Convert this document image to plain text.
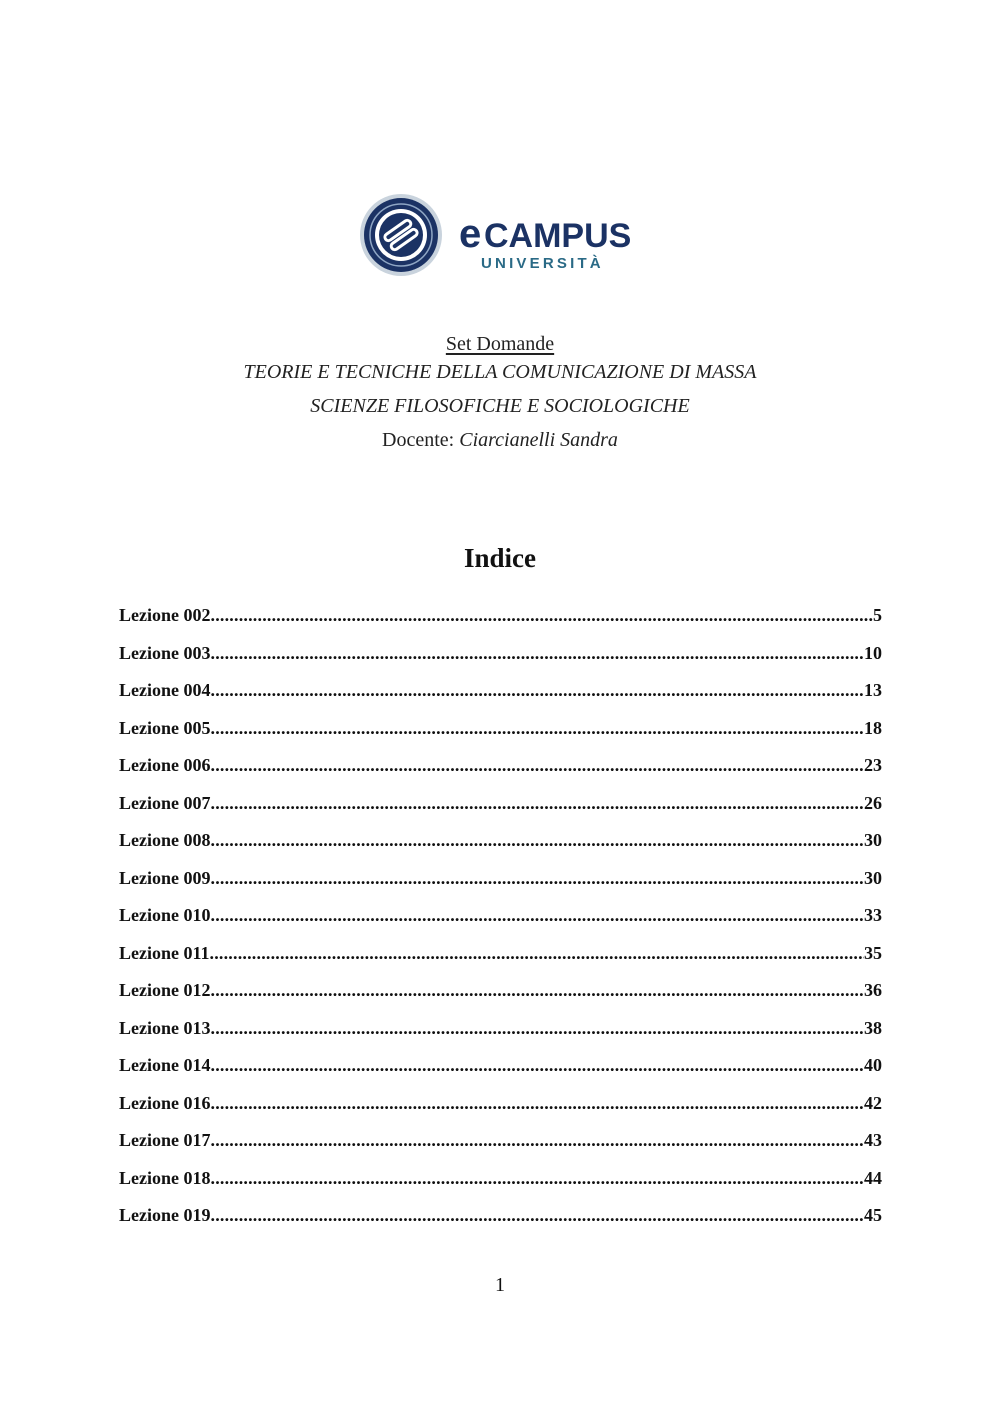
e CAMPUS
UNIVERSITÀ
Set Domande
TEORIE E TECNICHE DELLA COMUNICAZIONE DI MASSA
SCIENZE FILOSOFICHE E SOCIOLOGICHE
Docente: Ciarcianelli Sandra
Indice
Lezione 002 .....	5
Lezione 003 .....	10
Lezione 004 .....	13
Lezione 005 .....	18
Lezione 006 .....	23
Lezione 007 .....	26
Lezione 008 .....	30
Lezione 009 .....	30
Lezione 010 .....	33
Lezione 011 .....	35
Lezione 012 .....	36
Lezione 013 .....	38
Lezione 014 .....	40
Lezione 016 .....	42
Lezione 017 .....	43
Lezione 018 .....	44
Lezione 019 .....	45
1
